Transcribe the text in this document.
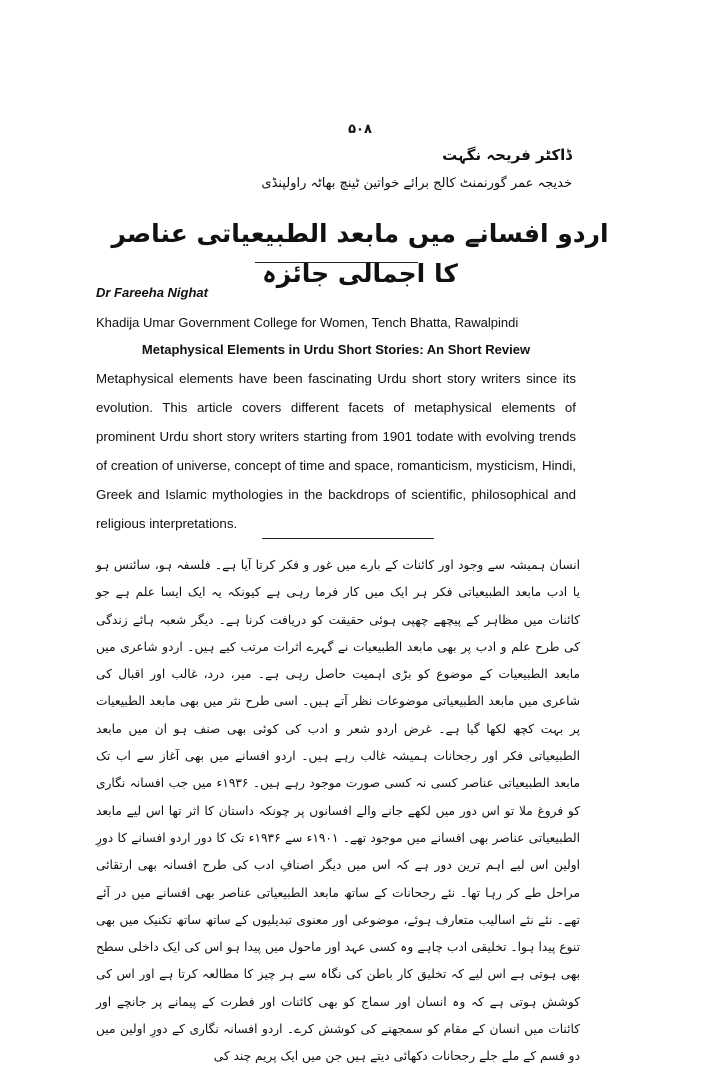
۵۰۸
ڈاکٹر فریحہ نگہت
خدیجہ عمر گورنمنٹ کالج برائے خواتین ٹینچ بھاٹہ راولپنڈی
اردو افسانے میں مابعد الطبیعیاتی عناصر کا اجمالی جائزہ
Dr Fareeha Nighat
Khadija Umar Government College for Women, Tench Bhatta, Rawalpindi
Metaphysical Elements in Urdu Short Stories: An Short Review

Metaphysical elements have been fascinating Urdu short story writers since its evolution. This article covers different facets of metaphysical elements of prominent Urdu short story writers starting from 1901 todate with evolving trends of creation of universe, concept of time and space, romanticism, mysticism, Hindi, Greek and Islamic mythologies in the backdrops of scientific, philosophical and religious interpretations.

انسان ہمیشہ سے وجود اور کائنات کے بارے میں غور و فکر کرتا آیا ہے۔ فلسفہ ہو، سائنس ہو یا ادب مابعد الطبیعیاتی فکر ہر ایک میں کار فرما رہی ہے کیونکہ یہ ایک ایسا علم ہے جو کائنات میں مظاہر کے پیچھے چھپی ہوئی حقیقت کو دریافت کرنا ہے۔ دیگر شعبہ ہائے زندگی کی طرح علم و ادب پر بھی مابعد الطبیعیات نے گہرے اثرات مرتب کیے ہیں۔ اردو شاعری میں مابعد الطبیعیات کے موضوع کو بڑی اہمیت حاصل رہی ہے۔ میر، درد، غالب اور اقبال کی شاعری میں مابعد الطبیعیاتی موضوعات نظر آتے ہیں۔ اسی طرح نثر میں بھی مابعد الطبیعیات پر بہت کچھ لکھا گیا ہے۔ غرض اردو شعر و ادب کی کوئی بھی صنف ہو ان میں مابعد الطبیعیاتی فکر اور رجحانات ہمیشہ غالب رہے ہیں۔ اردو افسانے میں بھی آغاز سے اب تک مابعد الطبیعیاتی عناصر کسی نہ کسی صورت موجود رہے ہیں۔ ۱۹۳۶ء میں جب افسانہ نگاری کو فروغ ملا تو اس دور میں لکھے جانے والے افسانوں پر چونکہ داستان کا اثر تھا اس لیے مابعد الطبیعیاتی عناصر بھی افسانے میں موجود تھے۔ ۱۹۰۱ء سے ۱۹۳۶ء تک کا دور اردو افسانے کا دورِ اولین اس لیے اہم ترین دور ہے کہ اس میں دیگر اصنافِ ادب کی طرح افسانہ بھی ارتقائی مراحل طے کر رہا تھا۔ نئے رجحانات کے ساتھ مابعد الطبیعیاتی عناصر بھی افسانے میں در آئے تھے۔ نئے نئے اسالیب متعارف ہوئے، موضوعی اور معنوی تبدیلیوں کے ساتھ ساتھ تکنیک میں بھی تنوع پیدا ہوا۔ تخلیقی ادب چاہے وہ کسی عہد اور ماحول میں پیدا ہو اس کی ایک داخلی سطح بھی ہوتی ہے اس لیے کہ تخلیق کار باطن کی نگاہ سے ہر چیز کا مطالعہ کرتا ہے اور اس کی کوشش ہوتی ہے کہ وہ انسان اور سماج کو بھی کائنات اور فطرت کے پیمانے پر جانچے اور کائنات میں انسان کے مقام کو سمجھنے کی کوشش کرے۔ اردو افسانہ نگاری کے دورِ اولین میں دو قسم کے ملے جلے رجحانات دکھائی دیتے ہیں جن میں ایک پریم چند کی
